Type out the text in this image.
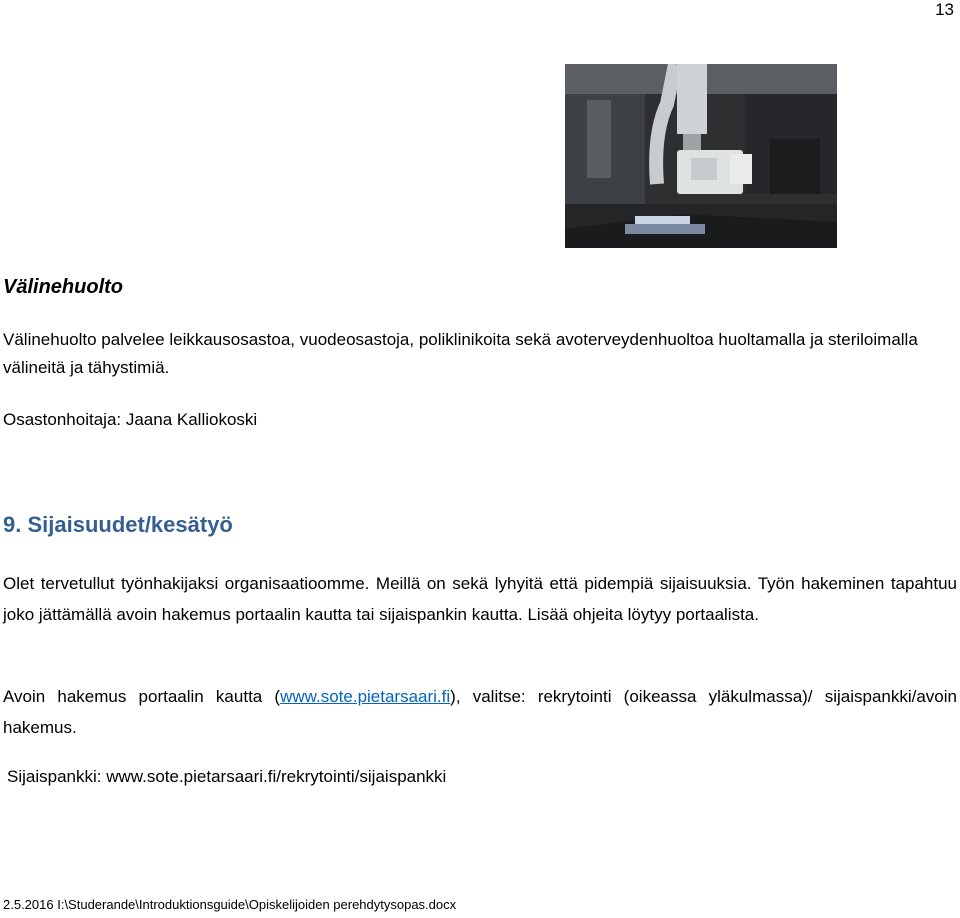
13
Välinehuolto
Välinehuolto palvelee leikkausosastoa, vuodeosastoja, poliklinikoita sekä avoterveydenhuoltoa huoltamalla ja steriloimalla välineitä ja tähystimiä.
Osastonhoitaja: Jaana Kalliokoski
9. Sijaisuudet/kesätyö
Olet tervetullut työnhakijaksi organisaatioomme. Meillä on sekä lyhyitä että pidempiä sijaisuuksia. Työn hakeminen tapahtuu joko jättämällä avoin hakemus portaalin kautta tai sijaispankin kautta. Lisää ohjeita löytyy portaalista.
Avoin hakemus portaalin kautta (www.sote.pietarsaari.fi), valitse: rekrytointi (oikeassa yläkulmassa)/ sijaispankki/avoin hakemus.
Sijaispankki: www.sote.pietarsaari.fi/rekrytointi/sijaispankki
2.5.2016 I:\Studerande\Introduktionsguide\Opiskelijoiden perehdytysopas.docx
